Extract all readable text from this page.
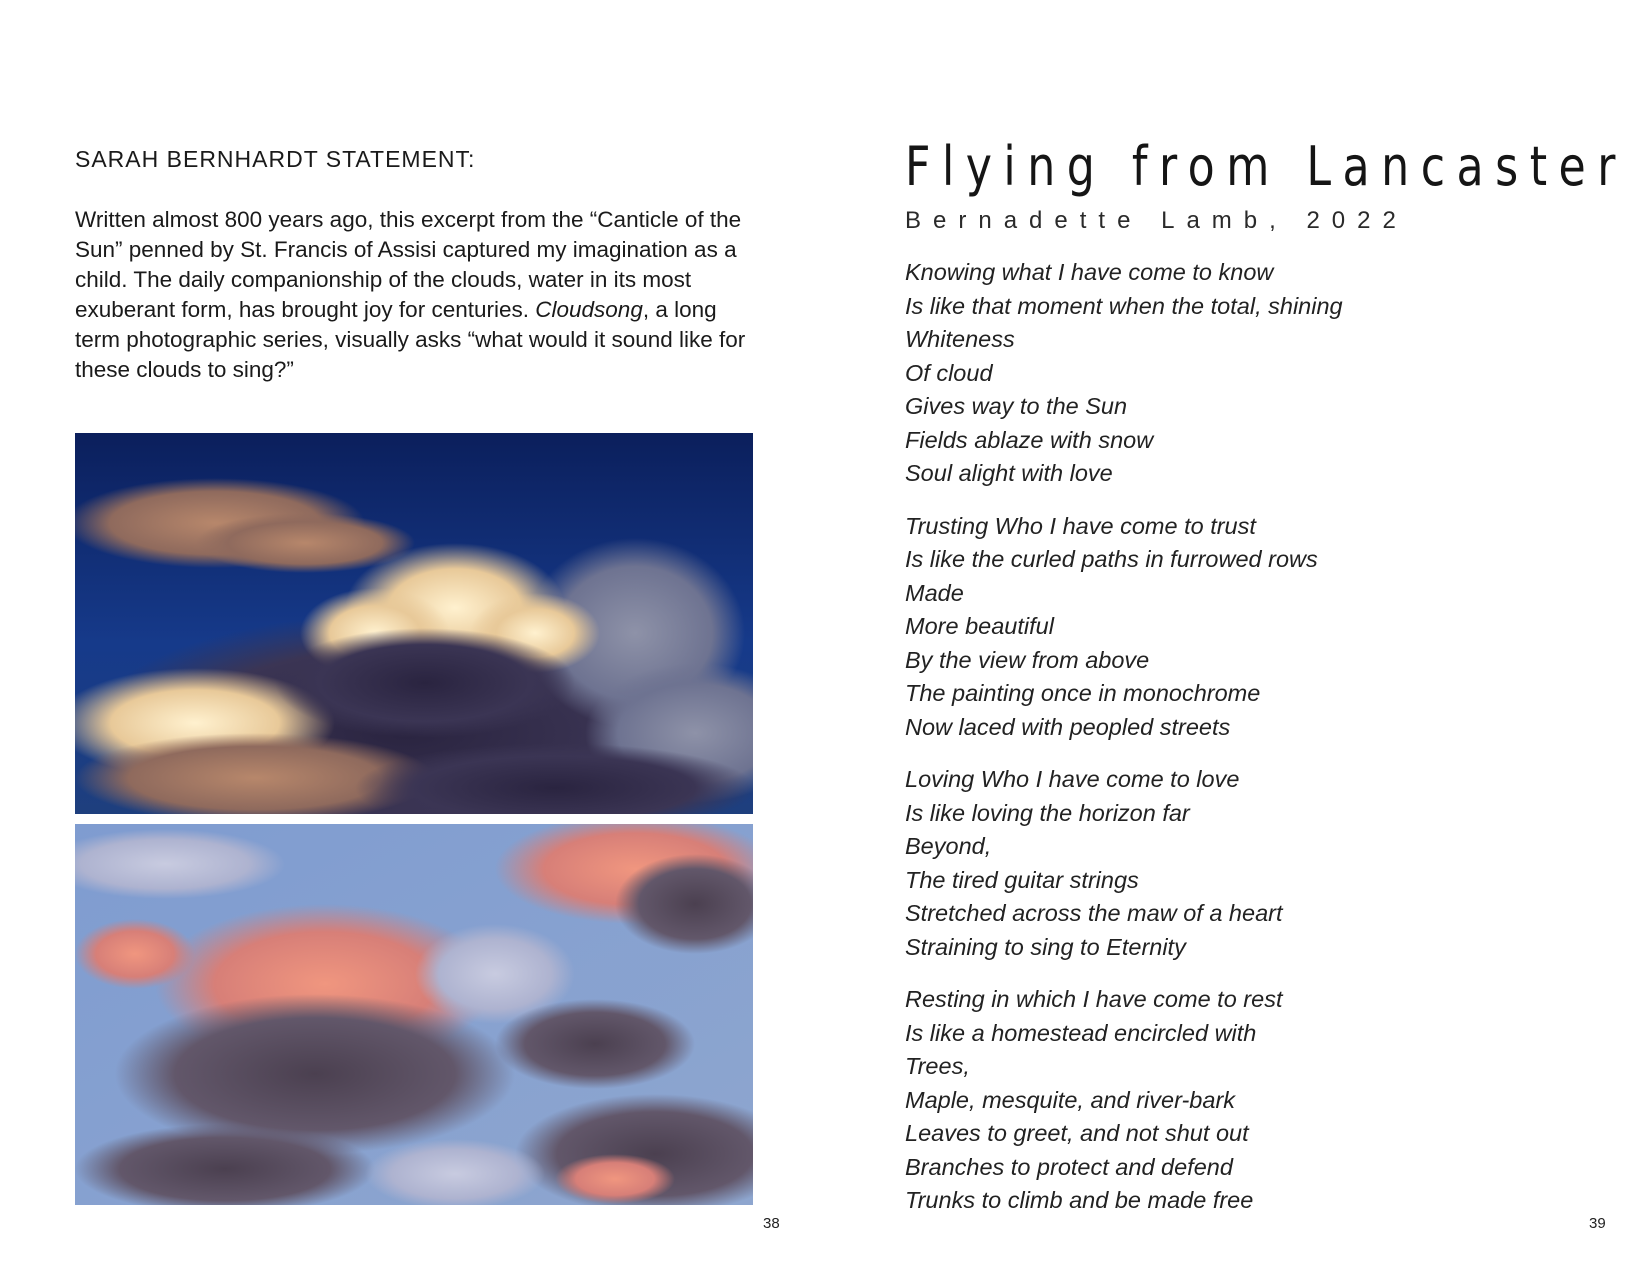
SARAH BERNHARDT STATEMENT:

Written almost 800 years ago, this excerpt from the “Canticle of the Sun” penned by St. Francis of Assisi captured my imagination as a child. The daily companionship of the clouds, water in its most exuberant form, has brought joy for centuries. Cloudsong, a long term photographic series, visually asks “what would it sound like for these clouds to sing?”

38
Flying from Lancaster

Bernadette Lamb, 2022

Knowing what I have come to know
Is like that moment when the total, shining
Whiteness
Of cloud
Gives way to the Sun
Fields ablaze with snow
Soul alight with love
Trusting Who I have come to trust
Is like the curled paths in furrowed rows
Made
More beautiful
By the view from above
The painting once in monochrome
Now laced with peopled streets
Loving Who I have come to love
Is like loving the horizon far
Beyond,
The tired guitar strings
Stretched across the maw of a heart
Straining to sing to Eternity
Resting in which I have come to rest
Is like a homestead encircled with
Trees,
Maple, mesquite, and river-bark
Leaves to greet, and not shut out
Branches to protect and defend
Trunks to climb and be made free
39
